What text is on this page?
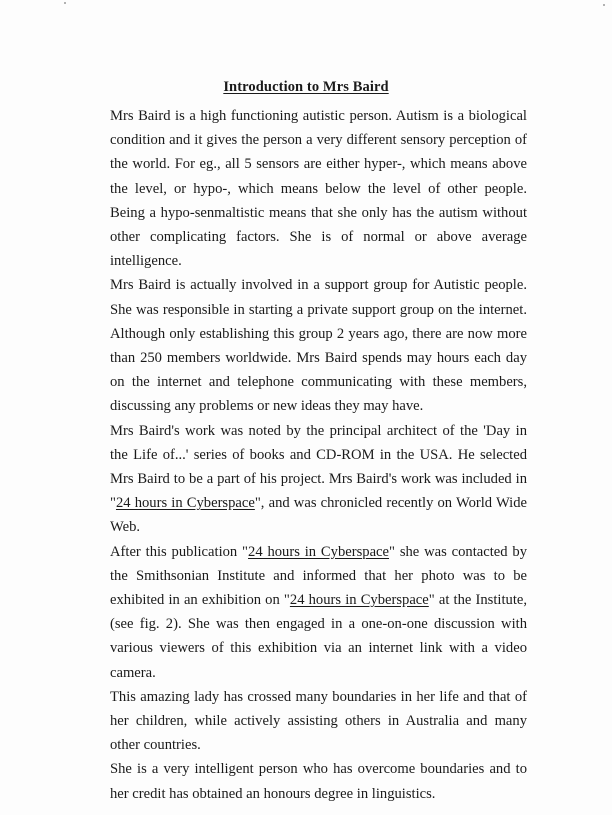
Introduction to Mrs Baird

Mrs Baird is a high functioning autistic person. Autism is a biological condition and it gives the person a very different sensory perception of the world. For eg., all 5 sensors are either hyper-, which means above the level, or hypo-, which means below the level of other people. Being a hypo-senmaltistic means that she only has the autism without other complicating factors. She is of normal or above average intelligence.

Mrs Baird is actually involved in a support group for Autistic people. She was responsible in starting a private support group on the internet. Although only establishing this group 2 years ago, there are now more than 250 members worldwide. Mrs Baird spends may hours each day on the internet and telephone communicating with these members, discussing any problems or new ideas they may have.

Mrs Baird's work was noted by the principal architect of the 'Day in the Life of...' series of books and CD-ROM in the USA. He selected Mrs Baird to be a part of his project. Mrs Baird's work was included in "24 hours in Cyberspace", and was chronicled recently on World Wide Web.

After this publication "24 hours in Cyberspace" she was contacted by the Smithsonian Institute and informed that her photo was to be exhibited in an exhibition on "24 hours in Cyberspace" at the Institute, (see fig. 2). She was then engaged in a one-on-one discussion with various viewers of this exhibition via an internet link with a video camera.

This amazing lady has crossed many boundaries in her life and that of her children, while actively assisting others in Australia and many other countries.

She is a very intelligent person who has overcome boundaries and to her credit has obtained an honours degree in linguistics.
